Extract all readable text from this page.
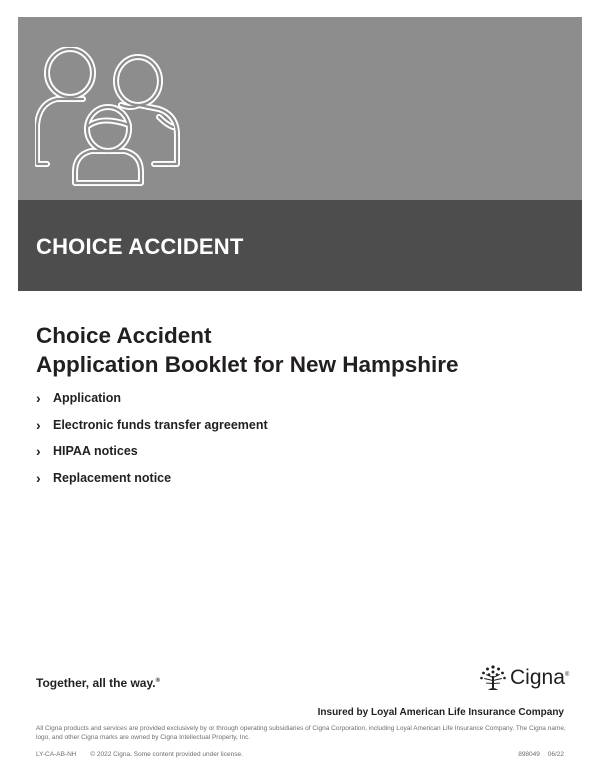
CHOICE ACCIDENT
Choice Accident
Application Booklet for New Hampshire
› Application
› Electronic funds transfer agreement
› HIPAA notices
› Replacement notice
Together, all the way.®	Cigna®
Insured by Loyal American Life Insurance Company
All Cigna products and services are provided exclusively by or through operating subsidiaries of Cigna Corporation, including Loyal American Life Insurance Company. The Cigna name, logo, and other Cigna marks are owned by Cigna Intellectual Property, Inc.
LY-CA-AB-NH © 2022 Cigna. Some content provided under license.	898049 06/22
